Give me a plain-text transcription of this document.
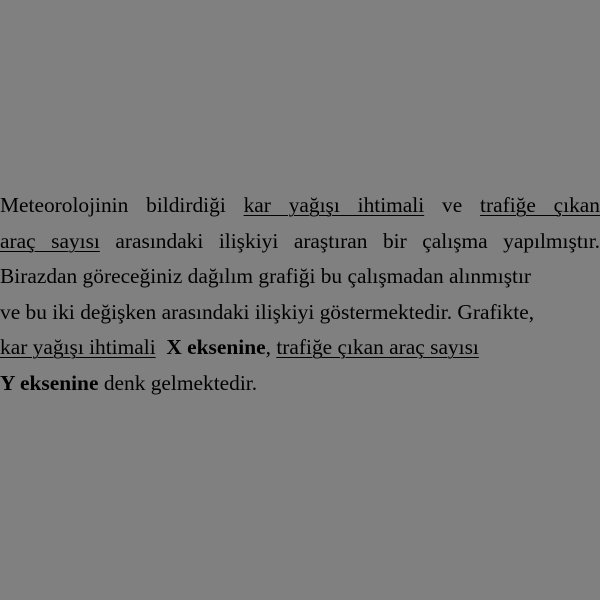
Meteorolojinin bildirdiği kar yağışı ihtimali ve trafiğe çıkan
araç sayısı arasındaki ilişkiyi araştıran bir çalışma yapılmıştır.
Birazdan göreceğiniz dağılım grafiği bu çalışmadan alınmıştır
ve bu iki değişken arasındaki ilişkiyi göstermektedir. Grafikte,
kar yağışı ihtimali X eksenine, trafiğe çıkan araç sayısı
Y eksenine denk gelmektedir.
